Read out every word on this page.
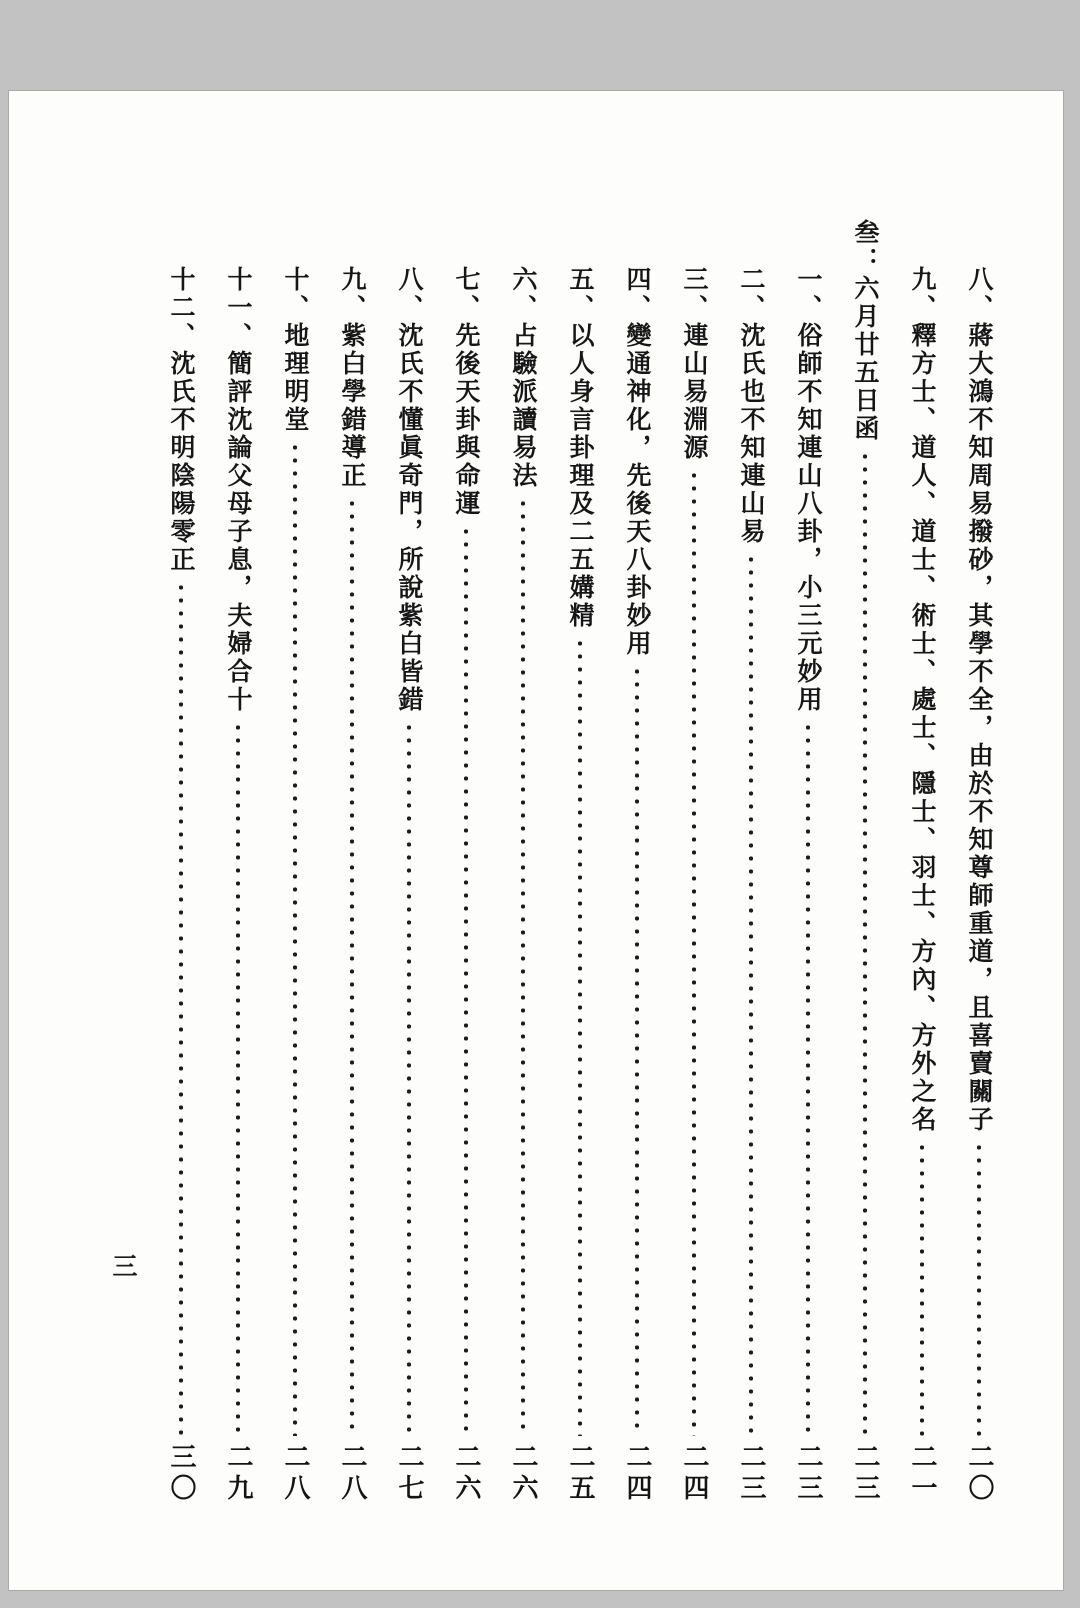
八、蔣大鴻不知周易撥砂，其學不全，由於不知尊師重道，且喜賣關子
二〇
九、釋方士、道人、道士、術士、處士、隱士、羽士、方內、方外之名
二一
叁：六月廿五日函
二三
一、俗師不知連山八卦，小三元妙用
二三
二、沈氏也不知連山易
二三
三、連山易淵源
二四
四、變通神化，先後天八卦妙用
二四
五、以人身言卦理及二五媾精
二五
六、占驗派讀易法
二六
七、先後天卦與命運
二六
八、沈氏不懂眞奇門，所說紫白皆錯
二七
九、紫白學錯導正
二八
十、地理明堂
二八
十一、簡評沈論父母子息，夫婦合十
二九
十二、沈氏不明陰陽零正
三〇
三
